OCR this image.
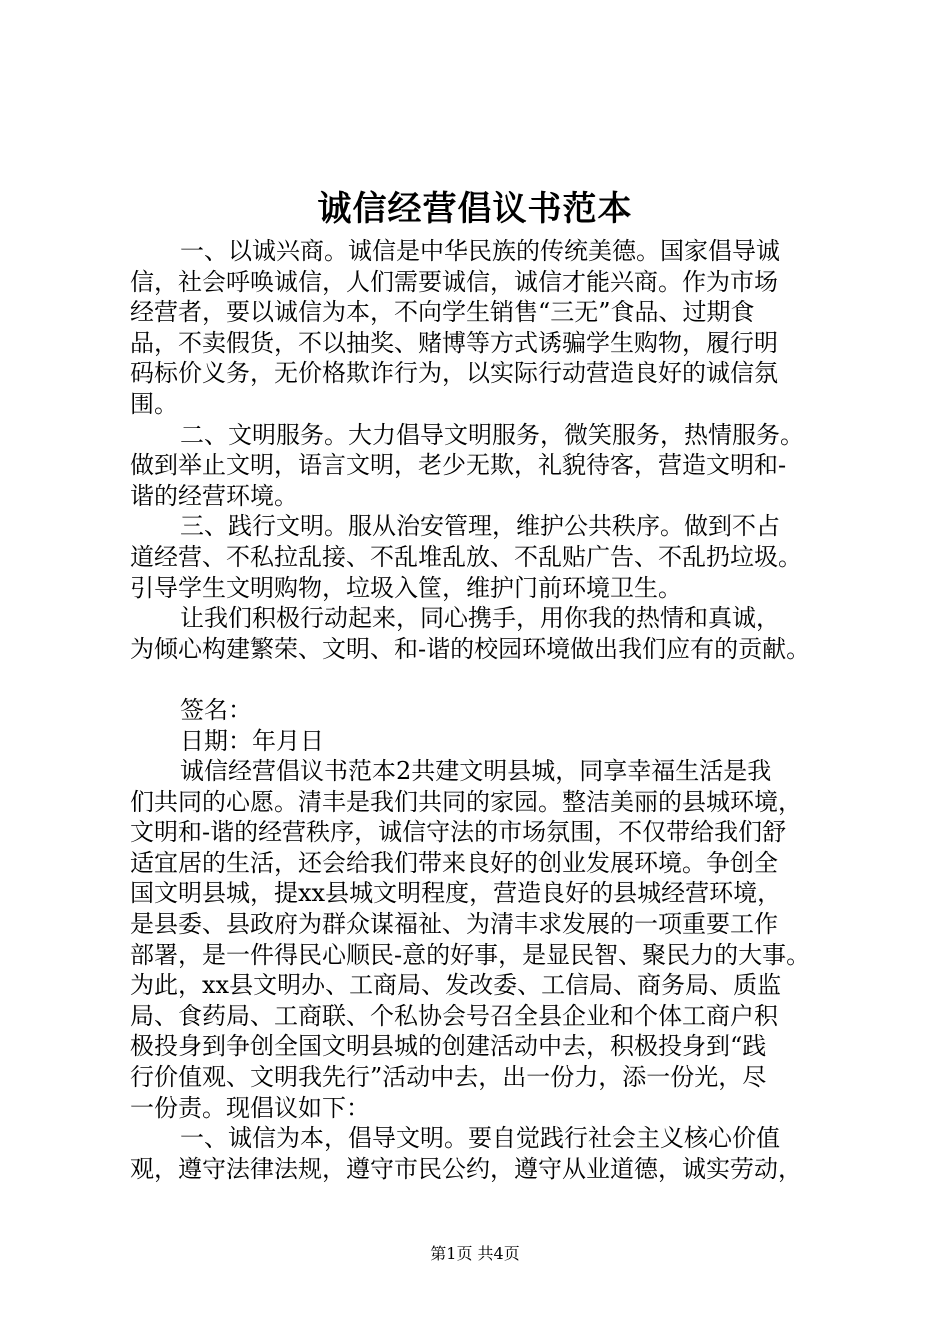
诚信经营倡议书范本
一、以诚兴商。诚信是中华民族的传统美德。国家倡导诚
信，社会呼唤诚信，人们需要诚信，诚信才能兴商。作为市场
经营者，要以诚信为本，不向学生销售“三无”食品、过期食
品，不卖假货，不以抽奖、赌博等方式诱骗学生购物，履行明
码标价义务，无价格欺诈行为，以实际行动营造良好的诚信氛
围。
二、文明服务。大力倡导文明服务，微笑服务，热情服务。
做到举止文明，语言文明，老少无欺，礼貌待客，营造文明和-
谐的经营环境。
三、践行文明。服从治安管理，维护公共秩序。做到不占
道经营、不私拉乱接、不乱堆乱放、不乱贴广告、不乱扔垃圾。
引导学生文明购物，垃圾入筐，维护门前环境卫生。
让我们积极行动起来，同心携手，用你我的热情和真诚，
为倾心构建繁荣、文明、和-谐的校园环境做出我们应有的贡献。
签名：
日期：年月日
诚信经营倡议书范本2共建文明县城，同享幸福生活是我
们共同的心愿。清丰是我们共同的家园。整洁美丽的县城环境，
文明和-谐的经营秩序，诚信守法的市场氛围，不仅带给我们舒
适宜居的生活，还会给我们带来良好的创业发展环境。争创全
国文明县城，提xx县城文明程度，营造良好的县城经营环境，
是县委、县政府为群众谋福祉、为清丰求发展的一项重要工作
部署，是一件得民心顺民-意的好事，是显民智、聚民力的大事。
为此，xx县文明办、工商局、发改委、工信局、商务局、质监
局、食药局、工商联、个私协会号召全县企业和个体工商户积
极投身到争创全国文明县城的创建活动中去，积极投身到“践
行价值观、文明我先行”活动中去，出一份力，添一份光，尽
一份责。现倡议如下：
一、诚信为本，倡导文明。要自觉践行社会主义核心价值
观，遵守法律法规，遵守市民公约，遵守从业道德，诚实劳动，
第1页 共4页
